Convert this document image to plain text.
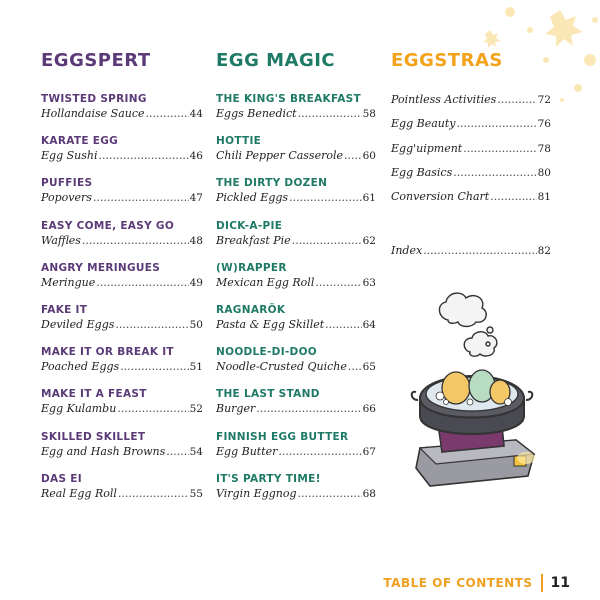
EGGSPERT
TWISTED SPRING
Hollandaise Sauce .....	44
KARATE EGG
Egg Sushi .....	46
PUFFIES
Popovers .....	47
EASY COME, EASY GO
Waffles .....	48
ANGRY MERINGUES
Meringue .....	49
FAKE IT
Deviled Eggs .....	50
MAKE IT OR BREAK IT
Poached Eggs .....	51
MAKE IT A FEAST
Egg Kulambu .....	52
SKILLED SKILLET
Egg and Hash Browns ..... 54
DAS EI
Real Egg Roll .....	55
EGG MAGIC
THE KING'S BREAKFAST
Eggs Benedict .....	58
HOTTIE
Chili Pepper Casserole ..... 60
THE DIRTY DOZEN
Pickled Eggs .....	61
DICK-A-PIE
Breakfast Pie .....	62
(W)RAPPER
Mexican Egg Roll .....	63
RAGNARÖK
Pasta & Egg Skillet .....	64
NOODLE-DI-DOO
Noodle-Crusted Quiche ..... 65
THE LAST STAND
Burger .....	66
FINNISH EGG BUTTER
Egg Butter .....	67
IT'S PARTY TIME!
Virgin Eggnog .....	68
EGGSTRAS
Pointless Activities .....	72
Egg Beauty .....	76
Egg'uipment .....	78
Egg Basics .....	80
Conversion Chart .....	81
Index .....	82
TABLE OF CONTENTS 11
